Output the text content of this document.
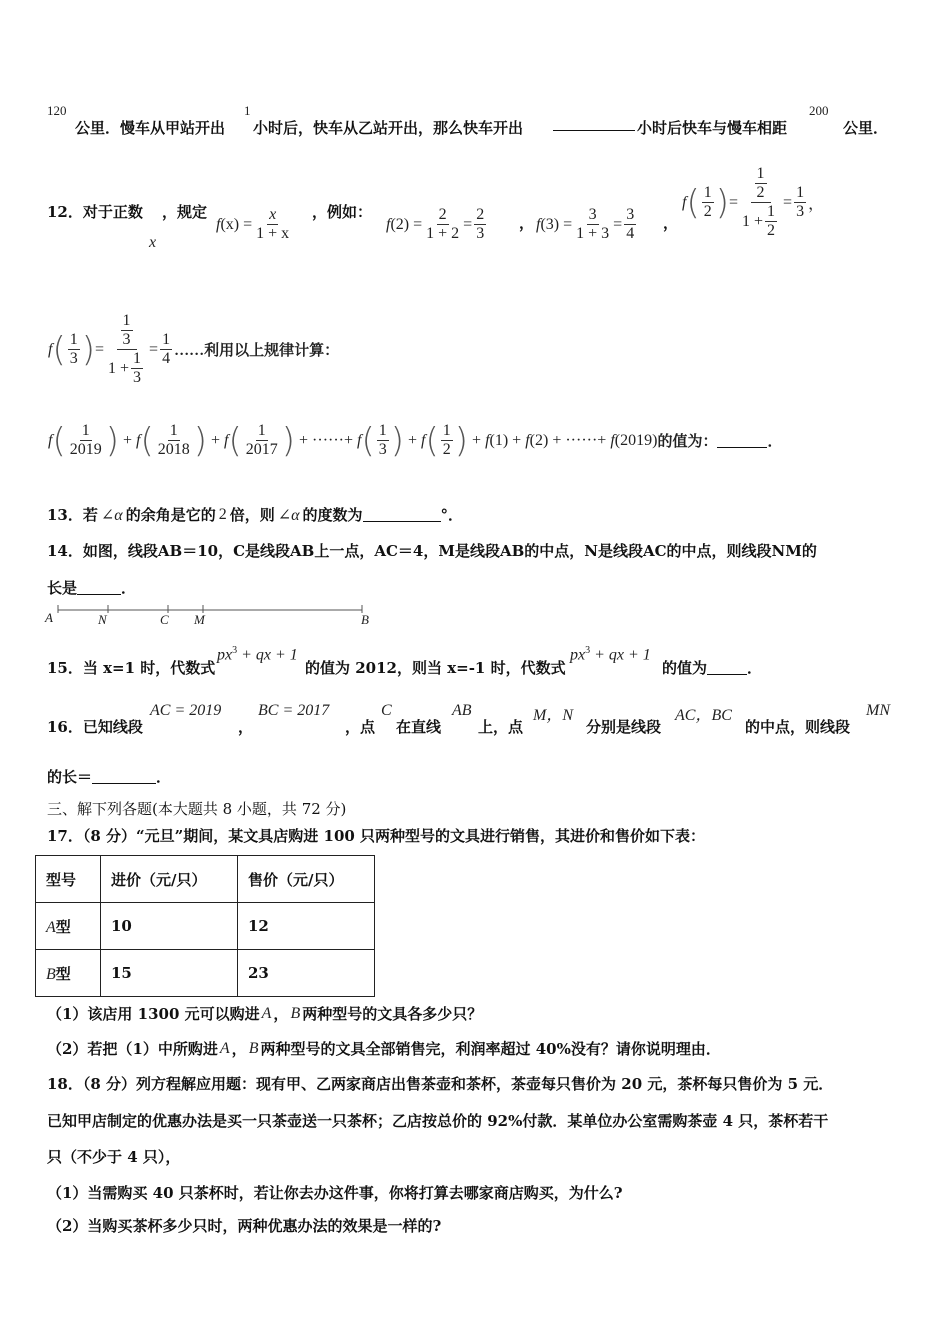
120
公里．慢车从甲站开出
1
小时后，快车从乙站开出，那么快车开出	小时后快车与慢车相距
200
公里．
12．对于正数
x
，规定
f $(x) = \frac{x}{1 + x}$ ，例如：
f $(2) = \frac{2}{1 + 2} = \frac{2}{3}$ ， f $(3) = \frac{3}{1 + 3} = \frac{3}{4}$ ，
f ( $\frac{1}{2}$ ) = $\frac{\frac{1}{2}}{1 + \frac{1}{2}} = \frac{1}{3}$ ，
f ( $\frac{1}{3}$ ) = $\frac{\frac{1}{3}}{1 + \frac{1}{3}} = \frac{1}{4}$ ……利用以上规律计算：
f ( $\frac{1}{2019}$ ) + f ( $\frac{1}{2018}$ ) + f ( $\frac{1}{2017}$ ) + ······+ f ( $\frac{1}{3}$ ) + f ( $\frac{1}{2}$ ) + f (1) + f (2) + ······+ f (2019) 的值为：	．
13．若 ∠α 的余角是它的 2 倍，则 ∠α 的度数为	°．
14．如图，线段AB＝10，C是线段AB上一点，AC＝4，M是线段AB的中点，N是线段AC的中点，则线段NM的
长是	．
A	N	C M	B
15．当 x=1 时，代数式
$px^3$ + qx + 1
的值为 2012，则当 x=-1 时，代数式
$px^3$ + qx + 1
的值为	．
16．已知线段
AC = 2019
，
BC = 2017
，点
C
在直线
AB
上，点
M，N
分别是线段
AC，BC
的中点，则线段
MN
的长＝	．
三、解下列各题(本大题共 8 小题，共 72 分)
17．（8 分）“元旦”期间，某文具店购进 100 只两种型号的文具进行销售，其进价和售价如下表：
型号	进价（元/只）	售价（元/只）
A型	10	12
B型	15	23
（1）该店用 1300 元可以购进 A ， B 两种型号的文具各多少只？
（2）若把（1）中所购进 A ， B 两种型号的文具全部销售完，利润率超过 40%没有？请你说明理由．
18．（8 分）列方程解应用题：现有甲、乙两家商店出售茶壶和茶杯，茶壶每只售价为 20 元，茶杯每只售价为 5 元．
已知甲店制定的优惠办法是买一只茶壶送一只茶杯；乙店按总价的 92%付款．某单位办公室需购茶壶 4 只，茶杯若干
只（不少于 4 只），
（1）当需购买 40 只茶杯时，若让你去办这件事，你将打算去哪家商店购买，为什么?
（2）当购买茶杯多少只时，两种优惠办法的效果是一样的?
